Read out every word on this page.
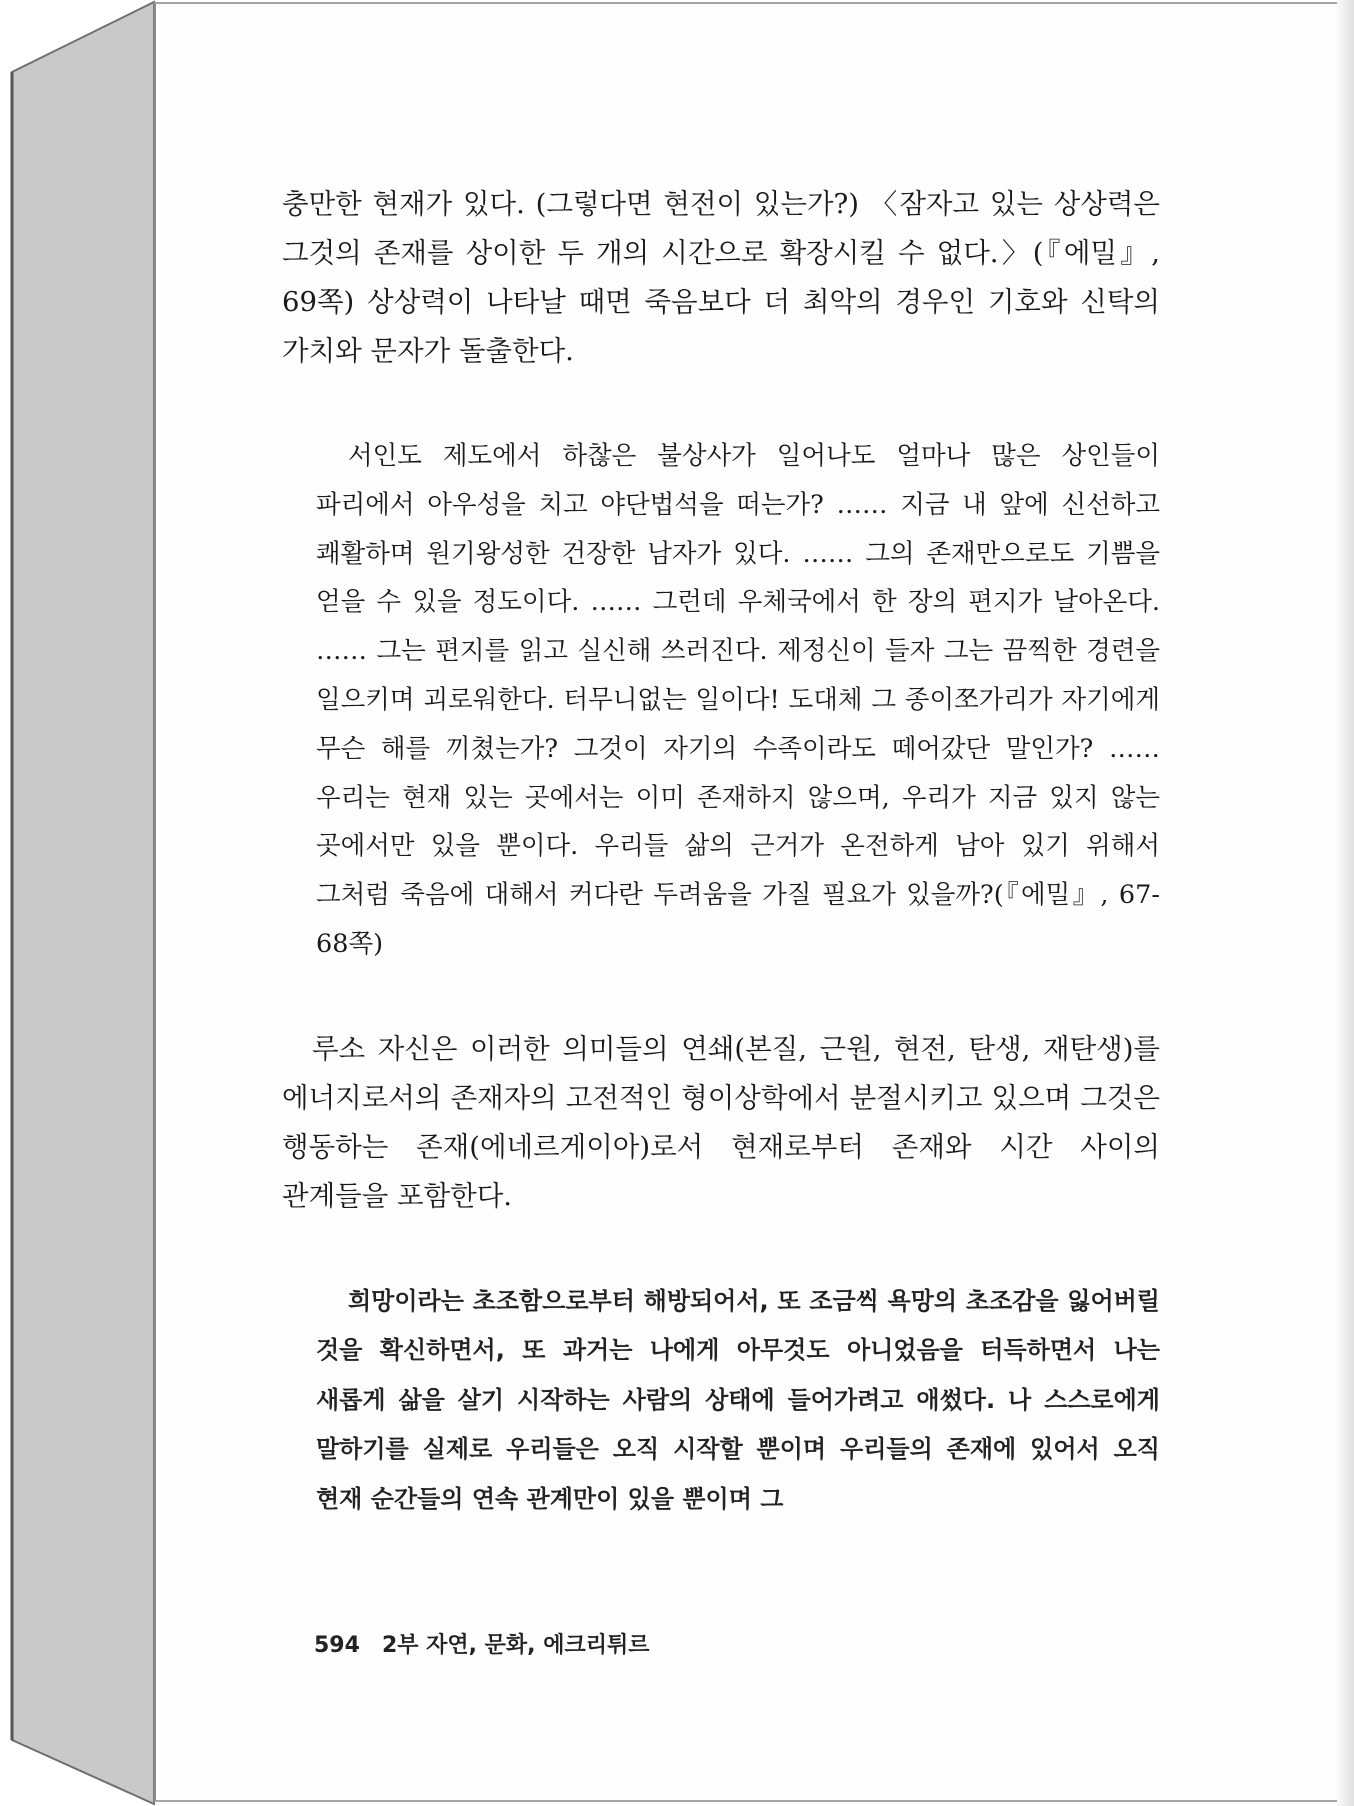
충만한 현재가 있다. (그렇다면 현전이 있는가?) 〈잠자고 있는 상상력은 그것의 존재를 상이한 두 개의 시간으로 확장시킬 수 없다.〉(『에밀』, 69쪽) 상상력이 나타날 때면 죽음보다 더 최악의 경우인 기호와 신탁의 가치와 문자가 돌출한다.

서인도 제도에서 하찮은 불상사가 일어나도 얼마나 많은 상인들이 파리에서 아우성을 치고 야단법석을 떠는가? …… 지금 내 앞에 신선하고 쾌활하며 원기왕성한 건장한 남자가 있다. …… 그의 존재만으로도 기쁨을 얻을 수 있을 정도이다. …… 그런데 우체국에서 한 장의 편지가 날아온다. …… 그는 편지를 읽고 실신해 쓰러진다. 제정신이 들자 그는 끔찍한 경련을 일으키며 괴로워한다. 터무니없는 일이다! 도대체 그 종이쪼가리가 자기에게 무슨 해를 끼쳤는가? 그것이 자기의 수족이라도 떼어갔단 말인가? …… 우리는 현재 있는 곳에서는 이미 존재하지 않으며, 우리가 지금 있지 않는 곳에서만 있을 뿐이다. 우리들 삶의 근거가 온전하게 남아 있기 위해서 그처럼 죽음에 대해서 커다란 두려움을 가질 필요가 있을까?(『에밀』, 67-68쪽)

루소 자신은 이러한 의미들의 연쇄(본질, 근원, 현전, 탄생, 재탄생)를 에너지로서의 존재자의 고전적인 형이상학에서 분절시키고 있으며 그것은 행동하는 존재(에네르게이아)로서 현재로부터 존재와 시간 사이의 관계들을 포함한다.

희망이라는 초조함으로부터 해방되어서, 또 조금씩 욕망의 초조감을 잃어버릴 것을 확신하면서, 또 과거는 나에게 아무것도 아니었음을 터득하면서 나는 새롭게 삶을 살기 시작하는 사람의 상태에 들어가려고 애썼다. 나 스스로에게 말하기를 실제로 우리들은 오직 시작할 뿐이며 우리들의 존재에 있어서 오직 현재 순간들의 연속 관계만이 있을 뿐이며 그

594 2부 자연, 문화, 에크리튀르
